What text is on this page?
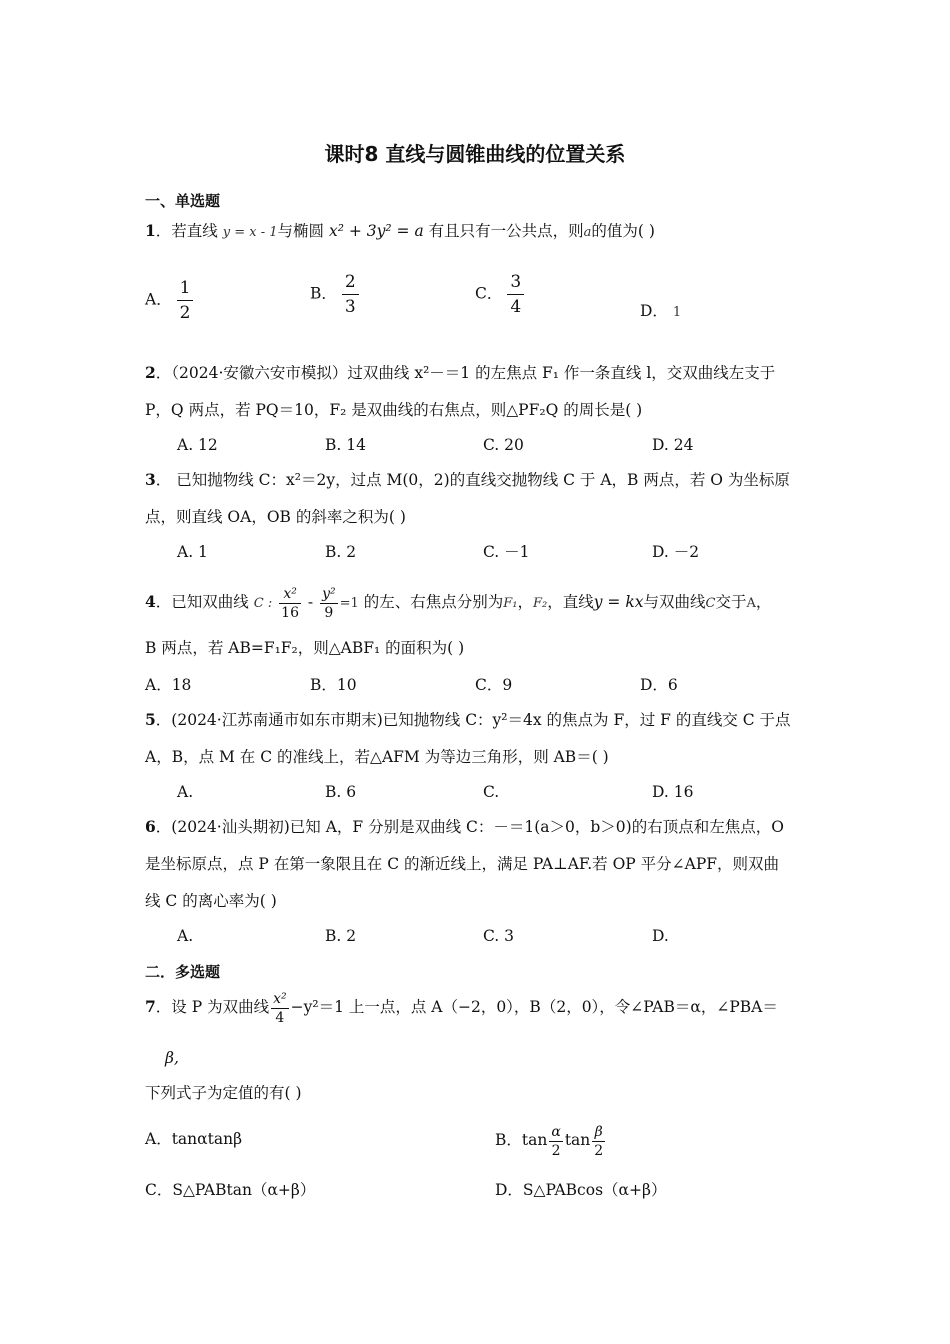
课时8 直线与圆锥曲线的位置关系
一、单选题
1．若直线 y = x - 1与椭圆 x² + 3y² = a 有且只有一公共点，则a的值为( )
A． $\frac{1}{2}$	B． $\frac{2}{3}$	C． $\frac{3}{4}$	D． 1
2．（2024·安徽六安市模拟）过双曲线 x²－＝1 的左焦点 F₁ 作一条直线 l，交双曲线左支于
P，Q 两点，若 PQ＝10，F₂ 是双曲线的右焦点，则△PF₂Q 的周长是( )
A. 12	B. 14	C. 20	D. 24
3． 已知抛物线 C：x²＝2y，过点 M(0，2)的直线交抛物线 C 于 A，B 两点，若 O 为坐标原
点，则直线 OA，OB 的斜率之积为( )
A. 1	B. 2	C. －1	D. －2
4．已知双曲线 C : $\frac{\text{x²}}{16} - \frac{\text{y²}}{9} =1$ 的左、右焦点分别为F₁，F₂，直线y = kx与双曲线C交于A，
B 两点，若 AB=F₁F₂，则△ABF₁ 的面积为( )
A．18	B．10	C．9	D．6
5．(2024·江苏南通市如东市期末)已知抛物线 C：y²＝4x 的焦点为 F，过 F 的直线交 C 于点
A，B，点 M 在 C 的准线上，若△AFM 为等边三角形，则 AB＝( )
A.	B. 6	C.	D. 16
6．(2024·汕头期初)已知 A，F 分别是双曲线 C：－＝1(a＞0，b＞0)的右顶点和左焦点，O
是坐标原点，点 P 在第一象限且在 C 的渐近线上，满足 PA⊥AF.若 OP 平分∠APF，则双曲
线 C 的离心率为( )
A.	B. 2	C. 3	D.
二．多选题
7．设 P 为双曲线 $\frac{\text{x²}}{4} -y^2=1$ 上一点，点 A（−2，0），B（2，0），令∠PAB＝α，∠PBA＝
β,
下列式子为定值的有( )
A．tanαtanβ	B．$\tan \frac{\alpha}{2}$ $\tan \frac{\beta}{2}$
C．S△PABtan（α+β）	D．S△PABcos（α+β）
